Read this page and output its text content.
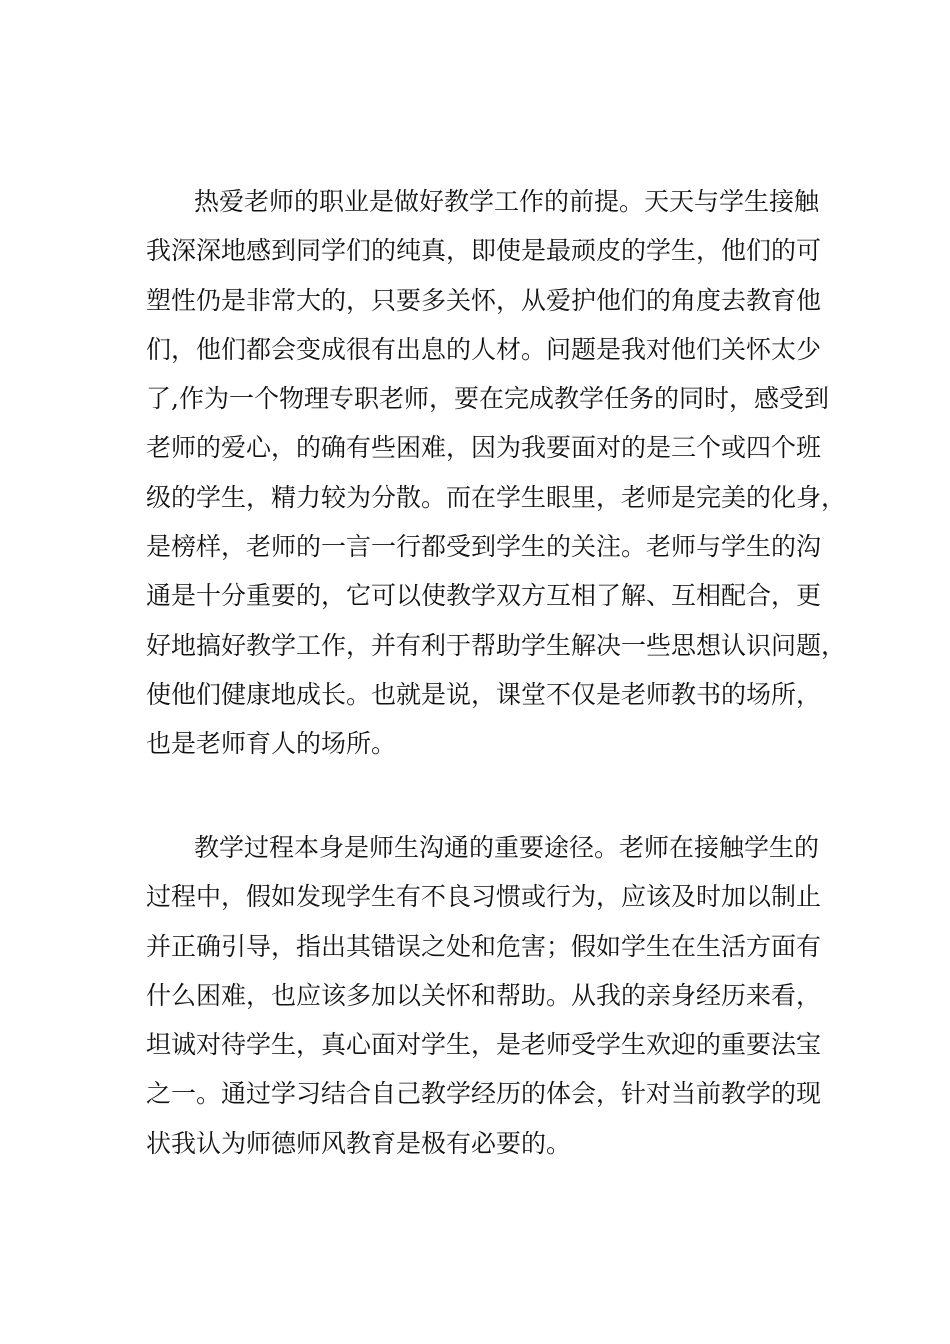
热爱老师的职业是做好教学工作的前提。天天与学生接触
我深深地感到同学们的纯真，即使是最顽皮的学生，他们的可
塑性仍是非常大的，只要多关怀，从爱护他们的角度去教育他
们，他们都会变成很有出息的人材。问题是我对他们关怀太少
了,作为一个物理专职老师，要在完成教学任务的同时，感受到
老师的爱心，的确有些困难，因为我要面对的是三个或四个班
级的学生，精力较为分散。而在学生眼里，老师是完美的化身，
是榜样，老师的一言一行都受到学生的关注。老师与学生的沟
通是十分重要的，它可以使教学双方互相了解、互相配合，更
好地搞好教学工作，并有利于帮助学生解决一些思想认识问题，
使他们健康地成长。也就是说，课堂不仅是老师教书的场所，
也是老师育人的场所。
教学过程本身是师生沟通的重要途径。老师在接触学生的
过程中，假如发现学生有不良习惯或行为，应该及时加以制止
并正确引导，指出其错误之处和危害；假如学生在生活方面有
什么困难，也应该多加以关怀和帮助。从我的亲身经历来看，
坦诚对待学生，真心面对学生，是老师受学生欢迎的重要法宝
之一。通过学习结合自己教学经历的体会，针对当前教学的现
状我认为师德师风教育是极有必要的。
